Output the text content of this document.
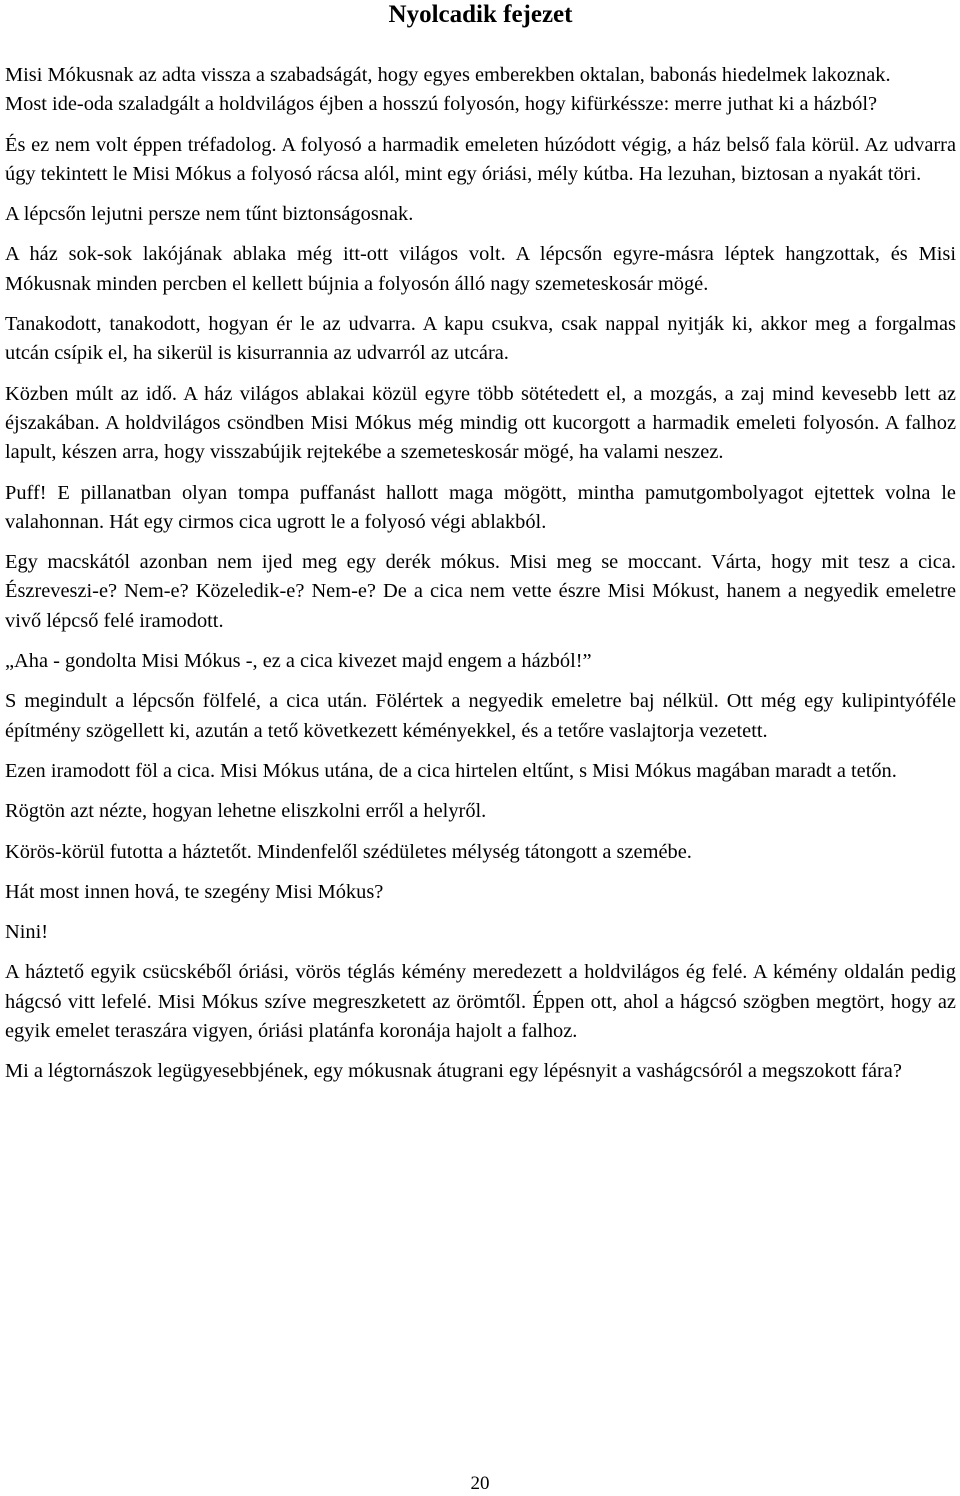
Nyolcadik fejezet

Misi Mókusnak az adta vissza a szabadságát, hogy egyes emberekben oktalan, babonás hiedelmek lakoznak.
Most ide-oda szaladgált a holdvilágos éjben a hosszú folyosón, hogy kifürkéssze: merre juthat ki a házból?

És ez nem volt éppen tréfadolog. A folyosó a harmadik emeleten húzódott végig, a ház belső fala körül. Az udvarra úgy tekintett le Misi Mókus a folyosó rácsa alól, mint egy óriási, mély kútba. Ha lezuhan, biztosan a nyakát töri.

A lépcsőn lejutni persze nem tűnt biztonságosnak.

A ház sok-sok lakójának ablaka még itt-ott világos volt. A lépcsőn egyre-másra léptek hangzottak, és Misi Mókusnak minden percben el kellett bújnia a folyosón álló nagy szemeteskosár mögé.

Tanakodott, tanakodott, hogyan ér le az udvarra. A kapu csukva, csak nappal nyitják ki, akkor meg a forgalmas utcán csípik el, ha sikerül is kisurrannia az udvarról az utcára.

Közben múlt az idő. A ház világos ablakai közül egyre több sötétedett el, a mozgás, a zaj mind kevesebb lett az éjszakában. A holdvilágos csöndben Misi Mókus még mindig ott kucorgott a harmadik emeleti folyosón. A falhoz lapult, készen arra, hogy visszabújik rejtekébe a szemeteskosár mögé, ha valami neszez.

Puff! E pillanatban olyan tompa puffanást hallott maga mögött, mintha pamutgombolyagot ejtettek volna le valahonnan. Hát egy cirmos cica ugrott le a folyosó végi ablakból.

Egy macskától azonban nem ijed meg egy derék mókus. Misi meg se moccant. Várta, hogy mit tesz a cica. Észreveszi-e? Nem-e? Közeledik-e? Nem-e? De a cica nem vette észre Misi Mókust, hanem a negyedik emeletre vivő lépcső felé iramodott.

„Aha - gondolta Misi Mókus -, ez a cica kivezet majd engem a házból!”

S megindult a lépcsőn fölfelé, a cica után. Fölértek a negyedik emeletre baj nélkül. Ott még egy kulipintyóféle építmény szögellett ki, azután a tető következett kéményekkel, és a tetőre vaslajtorja vezetett.

Ezen iramodott föl a cica. Misi Mókus utána, de a cica hirtelen eltűnt, s Misi Mókus magában maradt a tetőn.

Rögtön azt nézte, hogyan lehetne eliszkolni erről a helyről.

Körös-körül futotta a háztetőt. Mindenfelől szédületes mélység tátongott a szemébe.

Hát most innen hová, te szegény Misi Mókus?

Nini!

A háztető egyik csücskéből óriási, vörös téglás kémény meredezett a holdvilágos ég felé. A kémény oldalán pedig hágcsó vitt lefelé. Misi Mókus szíve megreszketett az örömtől. Éppen ott, ahol a hágcsó szögben megtört, hogy az egyik emelet teraszára vigyen, óriási platánfa koronája hajolt a falhoz.

Mi a légtornászok legügyesebbjének, egy mókusnak átugrani egy lépésnyit a vashágcsóról a megszokott fára?

20
